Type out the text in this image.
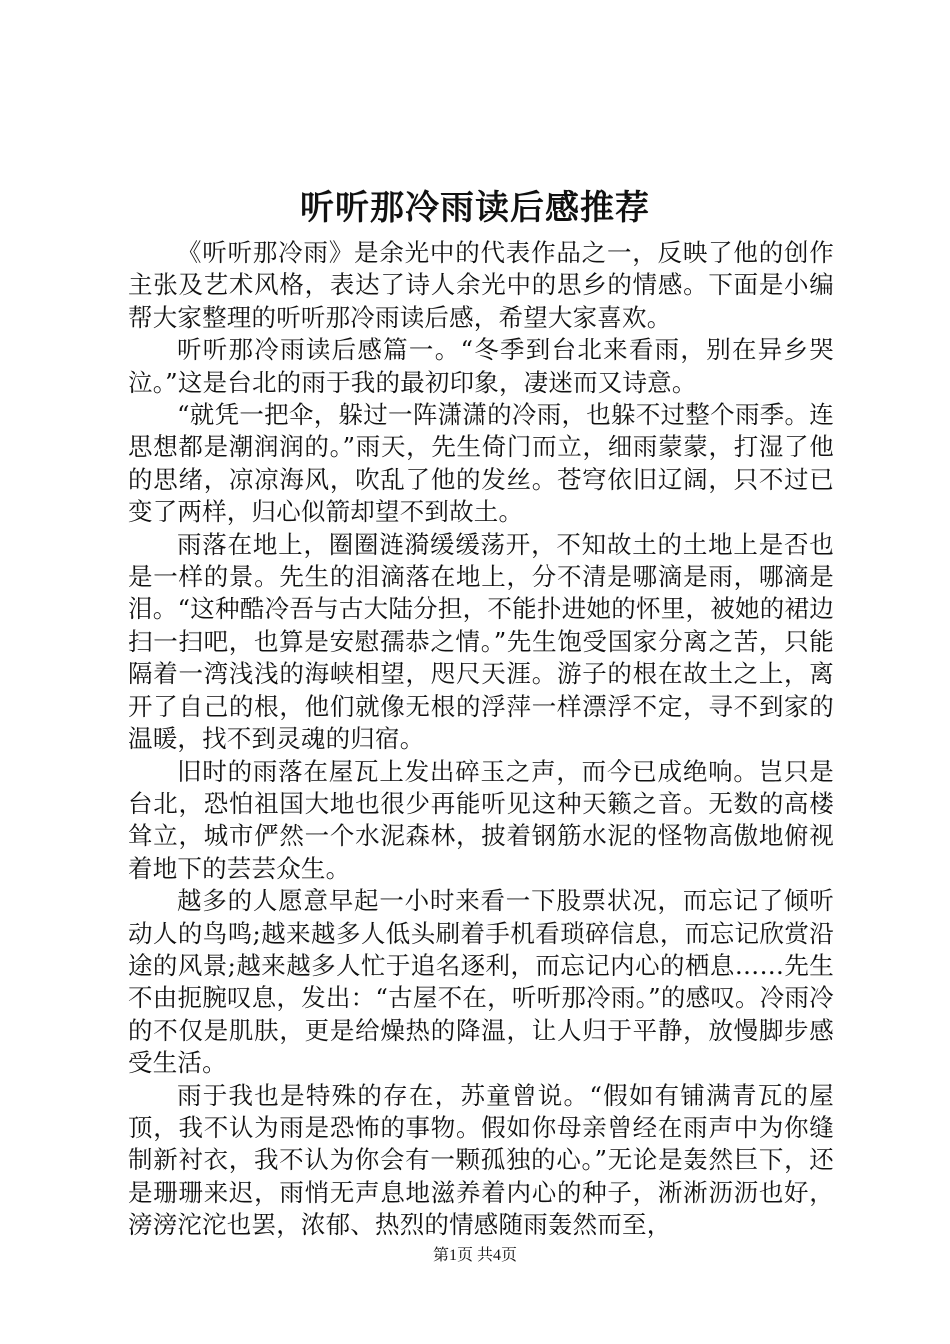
听听那冷雨读后感推荐

《听听那冷雨》是余光中的代表作品之一，反映了他的创作主张及艺术风格，表达了诗人余光中的思乡的情感。下面是小编帮大家整理的听听那冷雨读后感，希望大家喜欢。

听听那冷雨读后感篇一。“冬季到台北来看雨，别在异乡哭泣。”这是台北的雨于我的最初印象，凄迷而又诗意。

“就凭一把伞，躲过一阵潇潇的冷雨，也躲不过整个雨季。连思想都是潮润润的。”雨天，先生倚门而立，细雨蒙蒙，打湿了他的思绪，凉凉海风，吹乱了他的发丝。苍穹依旧辽阔，只不过已变了两样，归心似箭却望不到故土。

雨落在地上，圈圈涟漪缓缓荡开，不知故土的土地上是否也是一样的景。先生的泪滴落在地上，分不清是哪滴是雨，哪滴是泪。“这种酷冷吾与古大陆分担，不能扑进她的怀里，被她的裙边扫一扫吧，也算是安慰孺恭之情。”先生饱受国家分离之苦，只能隔着一湾浅浅的海峡相望，咫尺天涯。游子的根在故土之上，离开了自己的根，他们就像无根的浮萍一样漂浮不定，寻不到家的温暖，找不到灵魂的归宿。

旧时的雨落在屋瓦上发出碎玉之声，而今已成绝响。岂只是台北，恐怕祖国大地也很少再能听见这种天籁之音。无数的高楼耸立，城市俨然一个水泥森林，披着钢筋水泥的怪物高傲地俯视着地下的芸芸众生。

越多的人愿意早起一小时来看一下股票状况，而忘记了倾听动人的鸟鸣;越来越多人低头刷着手机看琐碎信息，而忘记欣赏沿途的风景;越来越多人忙于追名逐利，而忘记内心的栖息……先生不由扼腕叹息，发出：“古屋不在，听听那冷雨。”的感叹。冷雨冷的不仅是肌肤，更是给燥热的降温，让人归于平静，放慢脚步感受生活。

雨于我也是特殊的存在，苏童曾说。“假如有铺满青瓦的屋顶，我不认为雨是恐怖的事物。假如你母亲曾经在雨声中为你缝制新衬衣，我不认为你会有一颗孤独的心。”无论是轰然巨下，还是珊珊来迟，雨悄无声息地滋养着内心的种子，淅淅沥沥也好，滂滂沱沱也罢，浓郁、热烈的情感随雨轰然而至，

第1页 共4页
